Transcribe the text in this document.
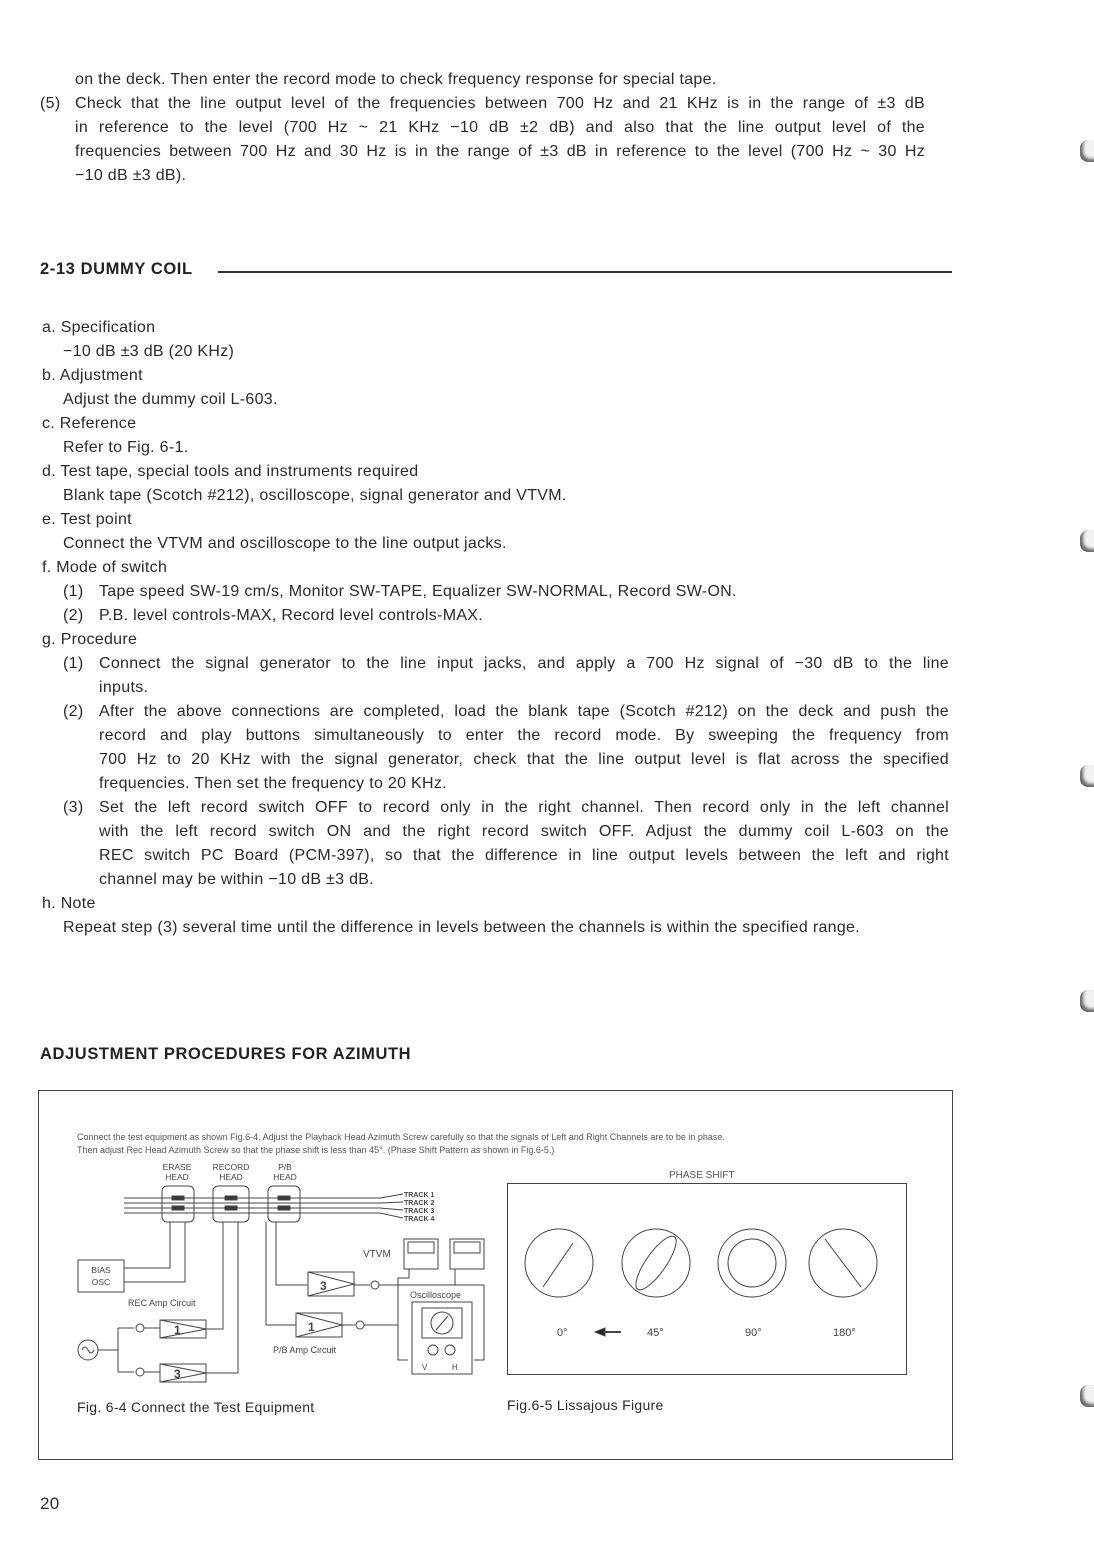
on the deck. Then enter the record mode to check frequency response for special tape.
(5) Check that the line output level of the frequencies between 700 Hz and 21 KHz is in the range of ±3 dB
in reference to the level (700 Hz ~ 21 KHz −10 dB ±2 dB) and also that the line output level of the
frequencies between 700 Hz and 30 Hz is in the range of ±3 dB in reference to the level (700 Hz ~ 30 Hz
−10 dB ±3 dB).
2-13 DUMMY COIL
a. Specification
−10 dB ±3 dB (20 KHz)
b. Adjustment
Adjust the dummy coil L-603.
c. Reference
Refer to Fig. 6-1.
d. Test tape, special tools and instruments required
Blank tape (Scotch #212), oscilloscope, signal generator and VTVM.
e. Test point
Connect the VTVM and oscilloscope to the line output jacks.
f. Mode of switch
(1) Tape speed SW-19 cm/s, Monitor SW-TAPE, Equalizer SW-NORMAL, Record SW-ON.
(2) P.B. level controls-MAX, Record level controls-MAX.
g. Procedure
(1) Connect the signal generator to the line input jacks, and apply a 700 Hz signal of −30 dB to the line
inputs.
(2) After the above connections are completed, load the blank tape (Scotch #212) on the deck and push the
record and play buttons simultaneously to enter the record mode. By sweeping the frequency from
700 Hz to 20 KHz with the signal generator, check that the line output level is flat across the specified
frequencies. Then set the frequency to 20 KHz.
(3) Set the left record switch OFF to record only in the right channel. Then record only in the left channel
with the left record switch ON and the right record switch OFF. Adjust the dummy coil L-603 on the
REC switch PC Board (PCM-397), so that the difference in line output levels between the left and right
channel may be within −10 dB ±3 dB.
h. Note
Repeat step (3) several time until the difference in levels between the channels is within the specified range.
ADJUSTMENT PROCEDURES FOR AZIMUTH
Connect the test equipment as shown Fig.6-4. Adjust the Playback Head Azimuth Screw carefully so that the signals of Left and Right Channels are to be in phase.
Then adjust Rec Head Azimuth Screw so that the phase shift is less than 45°. (Phase Shift Pattern as shown in Fig.6-5.)
ERASE
HEAD
RECORD
HEAD
P/B
HEAD
TRACK 1
TRACK 2
TRACK 3
TRACK 4
BIAS
OSC
REC Amp Circuit
1
3
3
1
P/B Amp Circuit
VTVM
Oscilloscope
V	H
PHASE SHIFT
0°	45°	90°	180°
Fig. 6-4 Connect the Test Equipment	Fig.6-5 Lissajous Figure
20
